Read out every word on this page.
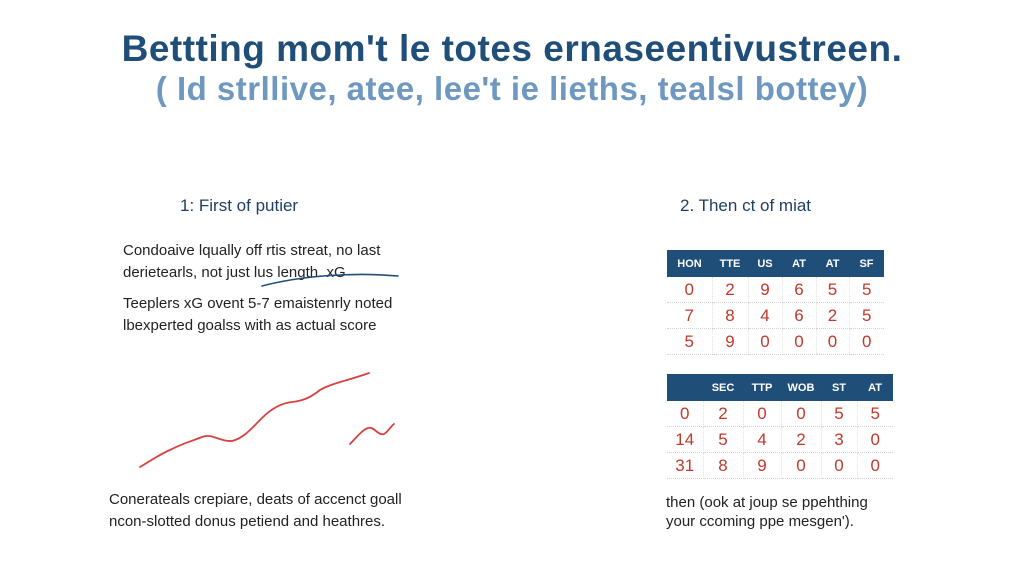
Bettting mom't le totes ernaseentivustreen.
( Id strllive, atee, lee't ie lieths, tealsl bottey)
1: First of putier
Condoaive lqually off rtis streat, no last
derietearls, not just lus length. xG
Teeplers xG ovent 5-7 emaistenrly noted
lbexperted goalss with as actual score
Conerateals crepiare, deats of accenct goall
ncon-slotted donus petiend and heathres.
2. Then ct of miat
HON	TTE	US	AT	AT	SF
0	2	9	6	5	5
7	8	4	6	2	5
5	9	0	0	0	0
	SEC	TTP	WOB	ST	AT
0	2	0	0	5	5
14	5	4	2	3	0
31	8	9	0	0	0
then (ook at joup se ppehthing
your ccoming ppe mesgen').
